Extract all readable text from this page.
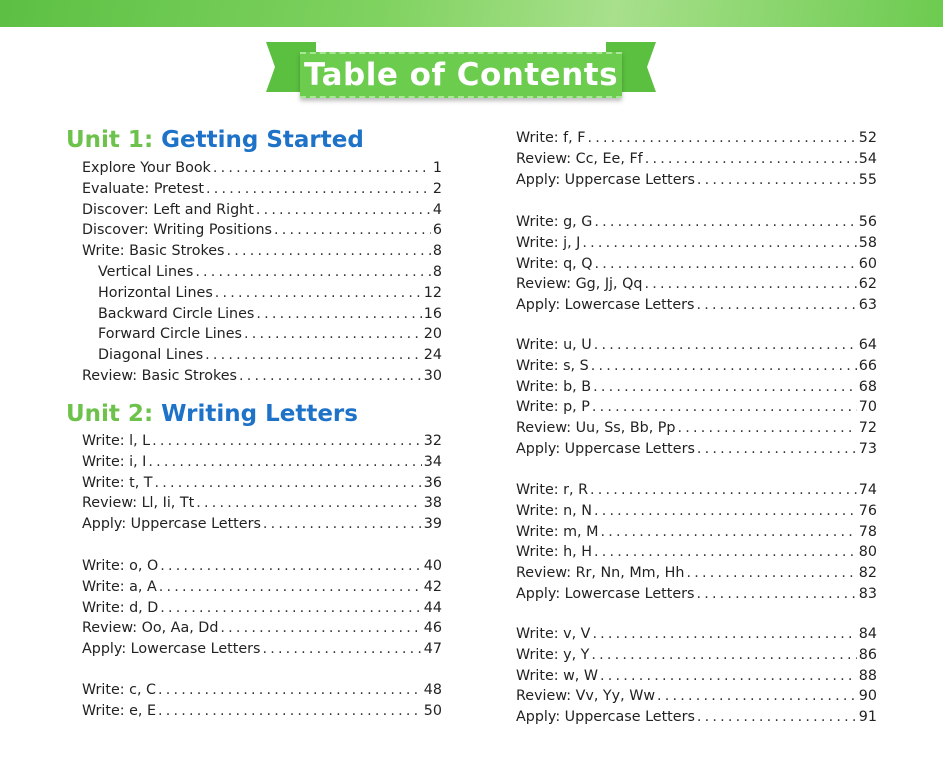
Table of Contents
Unit 1: Getting Started
Unit 2: Writing Letters
Explore Your Book .....	1
Evaluate: Pretest .....	2
Discover: Left and Right .....	4
Discover: Writing Positions .....	6
Write: Basic Strokes .....	8
Vertical Lines .....	8
Horizontal Lines .....	12
Backward Circle Lines .....	16
Forward Circle Lines .....	20
Diagonal Lines .....	24
Review: Basic Strokes .....	30
Write: l, L .....	32
Write: i, I .....	34
Write: t, T .....	36
Review: Ll, Ii, Tt .....	38
Apply: Uppercase Letters .....	39
Write: o, O .....	40
Write: a, A .....	42
Write: d, D .....	44
Review: Oo, Aa, Dd .....	46
Apply: Lowercase Letters .....	47
Write: c, C .....	48
Write: e, E .....	50
Write: f, F .....	52
Review: Cc, Ee, Ff .....	54
Apply: Uppercase Letters .....	55
Write: g, G .....	56
Write: j, J .....	58
Write: q, Q .....	60
Review: Gg, Jj, Qq .....	62
Apply: Lowercase Letters .....	63
Write: u, U .....	64
Write: s, S .....	66
Write: b, B .....	68
Write: p, P .....	70
Review: Uu, Ss, Bb, Pp .....	72
Apply: Uppercase Letters .....	73
Write: r, R .....	74
Write: n, N .....	76
Write: m, M .....	78
Write: h, H .....	80
Review: Rr, Nn, Mm, Hh .....	82
Apply: Lowercase Letters .....	83
Write: v, V .....	84
Write: y, Y .....	86
Write: w, W .....	88
Review: Vv, Yy, Ww .....	90
Apply: Uppercase Letters .....	91
